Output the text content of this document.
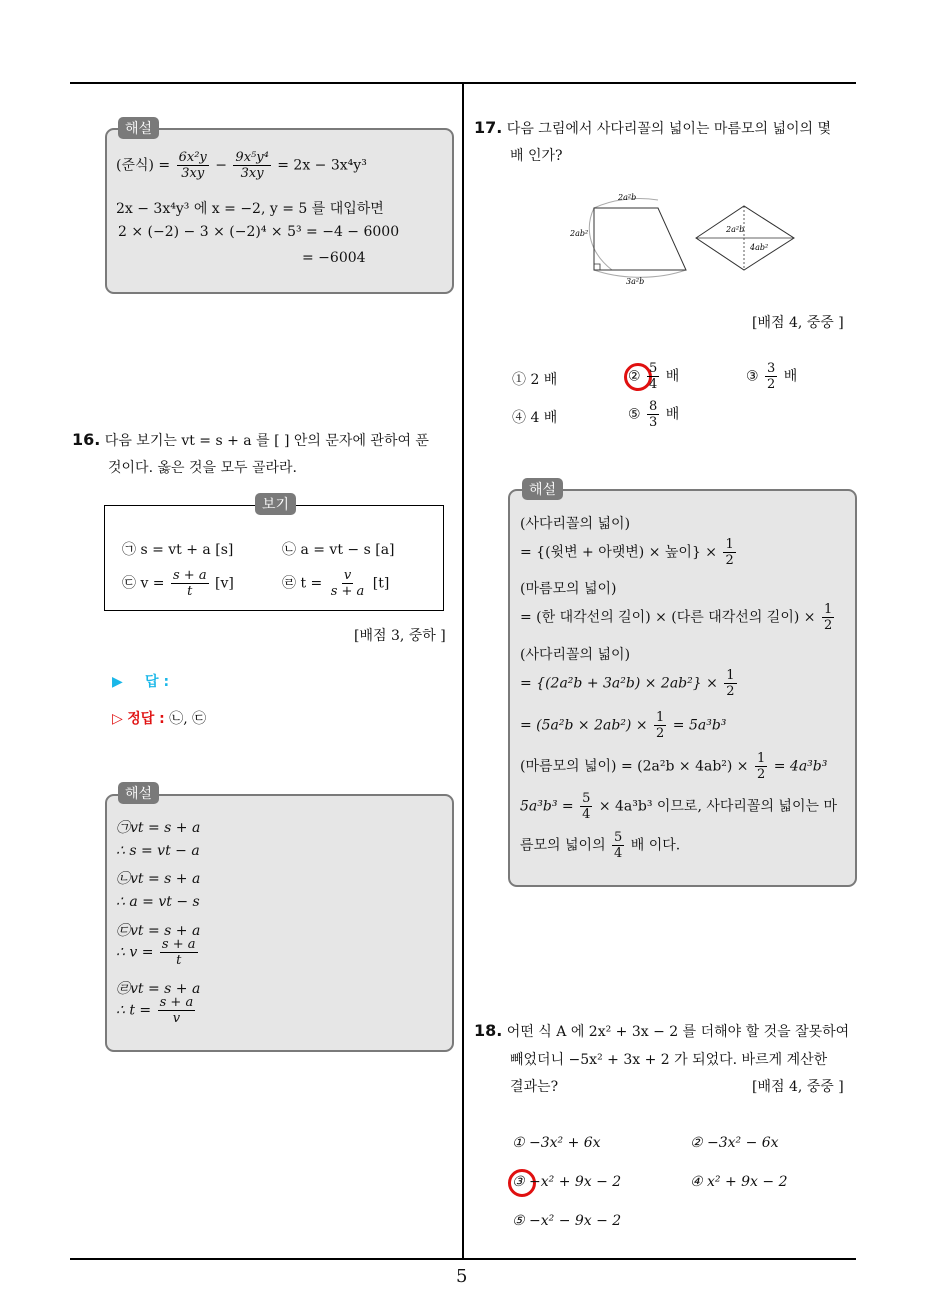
5
해설
(준식) = $\frac{\text{6x²y}}{3xy} - \frac{\text{9x⁵y⁴}}{3xy} = 2x - 3x^4y^3$
2x − 3x⁴y³ 에 x = −2, y = 5 를 대입하면
2 × (−2) − 3 × (−2)⁴ × 5³ = −4 − 6000
= −6004
16. 다음 보기는 vt = s + a 를 [ ] 안의 문자에 관하여 푼
것이다. 옳은 것을 모두 골라라.
보기
㉠ s = vt + a [s]	㉡ a = vt − s [a]
㉢ $v = \frac{s + a}{t} [v]$	㉣ $t = \frac{v}{s + a} [t]$
[배점 3, 중하 ]
▶ 답 :
▷ 정답 : ㉡, ㉢
해설
㉠vt = s + a
∴ s = vt − a
㉡vt = s + a
∴ a = vt − s
㉢vt = s + a
∴ $v = \frac{s + a}{t}$
㉣vt = s + a
∴ $t = \frac{s + a}{v}$
17. 다음 그림에서 사다리꼴의 넓이는 마름모의 넓이의 몇
배 인가?
2a²b
2ab²
3a²b
2a²b
4ab²
[배점 4, 중중 ]
① 2 배	② $\frac{5}{4}$ 배	③ $\frac{3}{2}$ 배
④ 4 배	⑤ $\frac{8}{3}$ 배
해설
(사다리꼴의 넓이)
= {(윗변 + 아랫변) × 높이} × $\frac{1}{2}$
(마름모의 넓이)
= (한 대각선의 길이) × (다른 대각선의 길이) × $\frac{1}{2}$
(사다리꼴의 넓이)
= $\{(2a^2b + 3a^2b) \times 2ab^2\} \times \frac{1}{2}$
= $(5a^2b \times 2ab^2) \times \frac{1}{2} = 5a^3b^3$
(마름모의 넓이) = $(2a^2b \times 4ab^2) \times \frac{1}{2} = 4a^3b^3$
$5a^3b^3 = \frac{5}{4} \times 4a^3b^3$ 이므로, 사다리꼴의 넓이는 마
름모의 넓이의 $\frac{5}{4}$ 배 이다.
18. 어떤 식 A 에 2x² + 3x − 2 를 더해야 할 것을 잘못하여
빼었더니 −5x² + 3x + 2 가 되었다. 바르게 계산한
결과는?	[배점 4, 중중 ]
① −3x² + 6x	② −3x² − 6x
③ −x² + 9x − 2	④ x² + 9x − 2
⑤ −x² − 9x − 2
